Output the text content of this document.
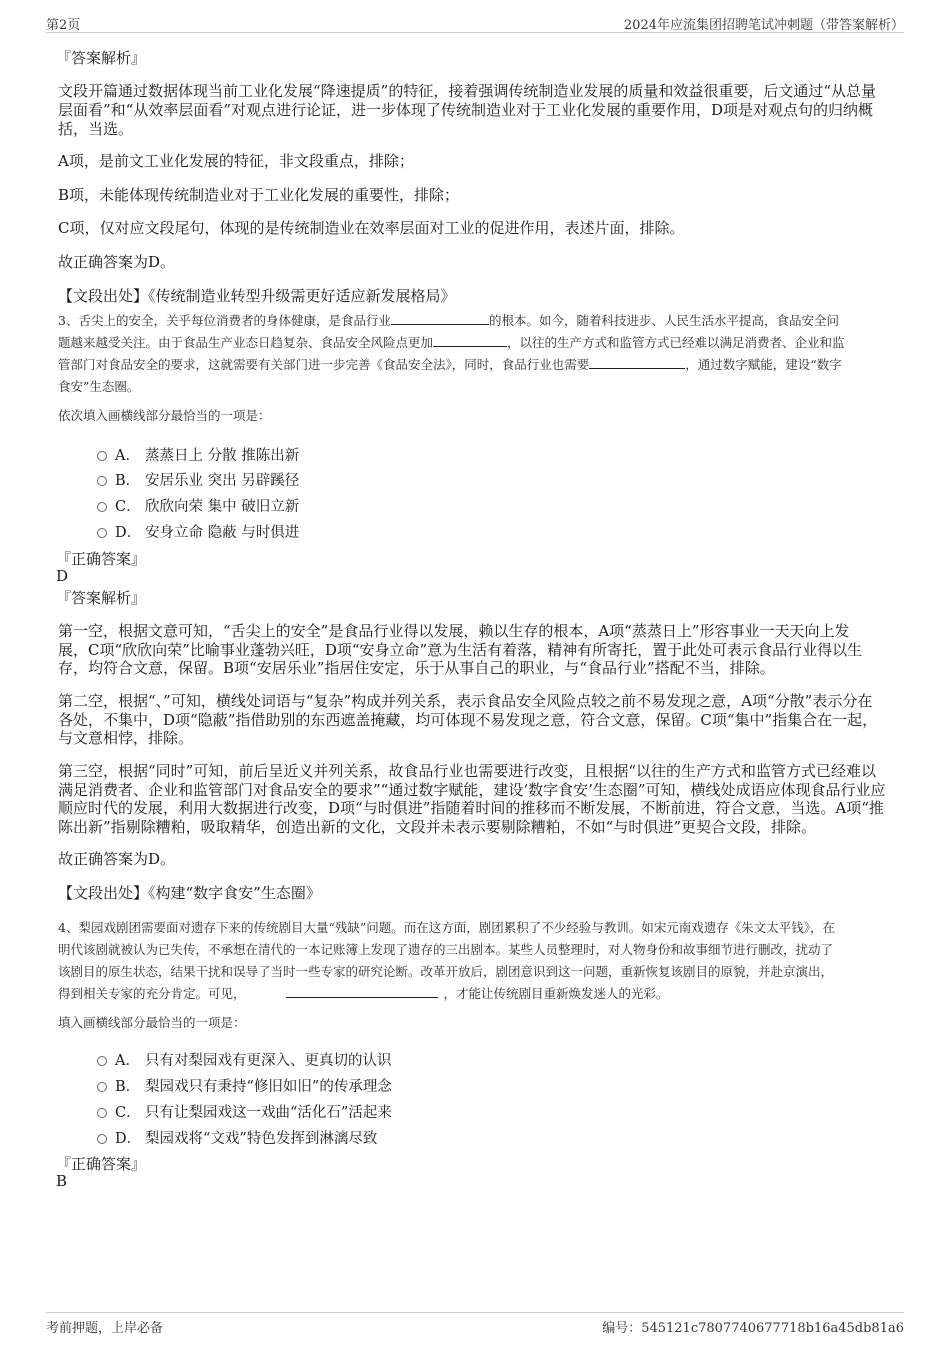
第2页	2024年应流集团招聘笔试冲刺题（带答案解析）

『答案解析』

文段开篇通过数据体现当前工业化发展“降速提质”的特征，接着强调传统制造业发展的质量和效益很重要，后文通过“从总量

层面看”和“从效率层面看”对观点进行论证，进一步体现了传统制造业对于工业化发展的重要作用，D项是对观点句的归纳概

括，当选。

A项，是前文工业化发展的特征，非文段重点，排除；

B项，未能体现传统制造业对于工业化发展的重要性，排除；

C项，仅对应文段尾句，体现的是传统制造业在效率层面对工业的促进作用，表述片面，排除。

故正确答案为D。

【文段出处】《传统制造业转型升级需更好适应新发展格局》

3、舌尖上的安全，关乎每位消费者的身体健康，是食品行业	的根本。如今，随着科技进步、人民生活水平提高，食品安全问

题越来越受关注。由于食品生产业态日趋复杂、食品安全风险点更加	，以往的生产方式和监管方式已经难以满足消费者、企业和监

管部门对食品安全的要求，这就需要有关部门进一步完善《食品安全法》，同时，食品行业也需要	，通过数字赋能，建设“数字

食安”生态圈。

依次填入画横线部分最恰当的一项是：

A． 蒸蒸日上 分散 推陈出新
B． 安居乐业 突出 另辟蹊径
C． 欣欣向荣 集中 破旧立新
D． 安身立命 隐蔽 与时俱进

『正确答案』

D

『答案解析』

第一空，根据文意可知，“舌尖上的安全”是食品行业得以发展，赖以生存的根本，A项“蒸蒸日上”形容事业一天天向上发

展，C项“欣欣向荣”比喻事业蓬勃兴旺，D项“安身立命”意为生活有着落，精神有所寄托，置于此处可表示食品行业得以生

存，均符合文意，保留。B项“安居乐业”指居住安定，乐于从事自己的职业，与“食品行业”搭配不当，排除。

第二空，根据“、”可知，横线处词语与“复杂”构成并列关系，表示食品安全风险点较之前不易发现之意，A项“分散”表示分在

各处，不集中，D项“隐蔽”指借助别的东西遮盖掩藏，均可体现不易发现之意，符合文意，保留。C项“集中”指集合在一起，

与文意相悖，排除。

第三空，根据“同时”可知，前后呈近义并列关系，故食品行业也需要进行改变，且根据“以往的生产方式和监管方式已经难以

满足消费者、企业和监管部门对食品安全的要求”“通过数字赋能，建设‘数字食安’生态圈”可知，横线处成语应体现食品行业应

顺应时代的发展，利用大数据进行改变，D项“与时俱进”指随着时间的推移而不断发展，不断前进，符合文意，当选。A项“推

陈出新”指剔除糟粕，吸取精华，创造出新的文化，文段并未表示要剔除糟粕，不如“与时俱进”更契合文段，排除。

故正确答案为D。

【文段出处】《构建“数字食安”生态圈》

4、梨园戏剧团需要面对遗存下来的传统剧目大量“残缺”问题。而在这方面，剧团累积了不少经验与教训。如宋元南戏遗存《朱文太平钱》，在

明代该剧就被认为已失传，不承想在清代的一本记账簿上发现了遗存的三出剧本。某些人员整理时，对人物身份和故事细节进行删改，扰动了

该剧目的原生状态，结果干扰和误导了当时一些专家的研究论断。改革开放后，剧团意识到这一问题，重新恢复该剧目的原貌，并赴京演出，

得到相关专家的充分肯定。可见，	，才能让传统剧目重新焕发迷人的光彩。

填入画横线部分最恰当的一项是：

A． 只有对梨园戏有更深入、更真切的认识
B． 梨园戏只有秉持“修旧如旧”的传承理念
C． 只有让梨园戏这一戏曲“活化石”活起来
D． 梨园戏将“文戏”特色发挥到淋漓尽致

『正确答案』

B

考前押题，上岸必备	编号：545121c7807740677718b16a45db81a6
